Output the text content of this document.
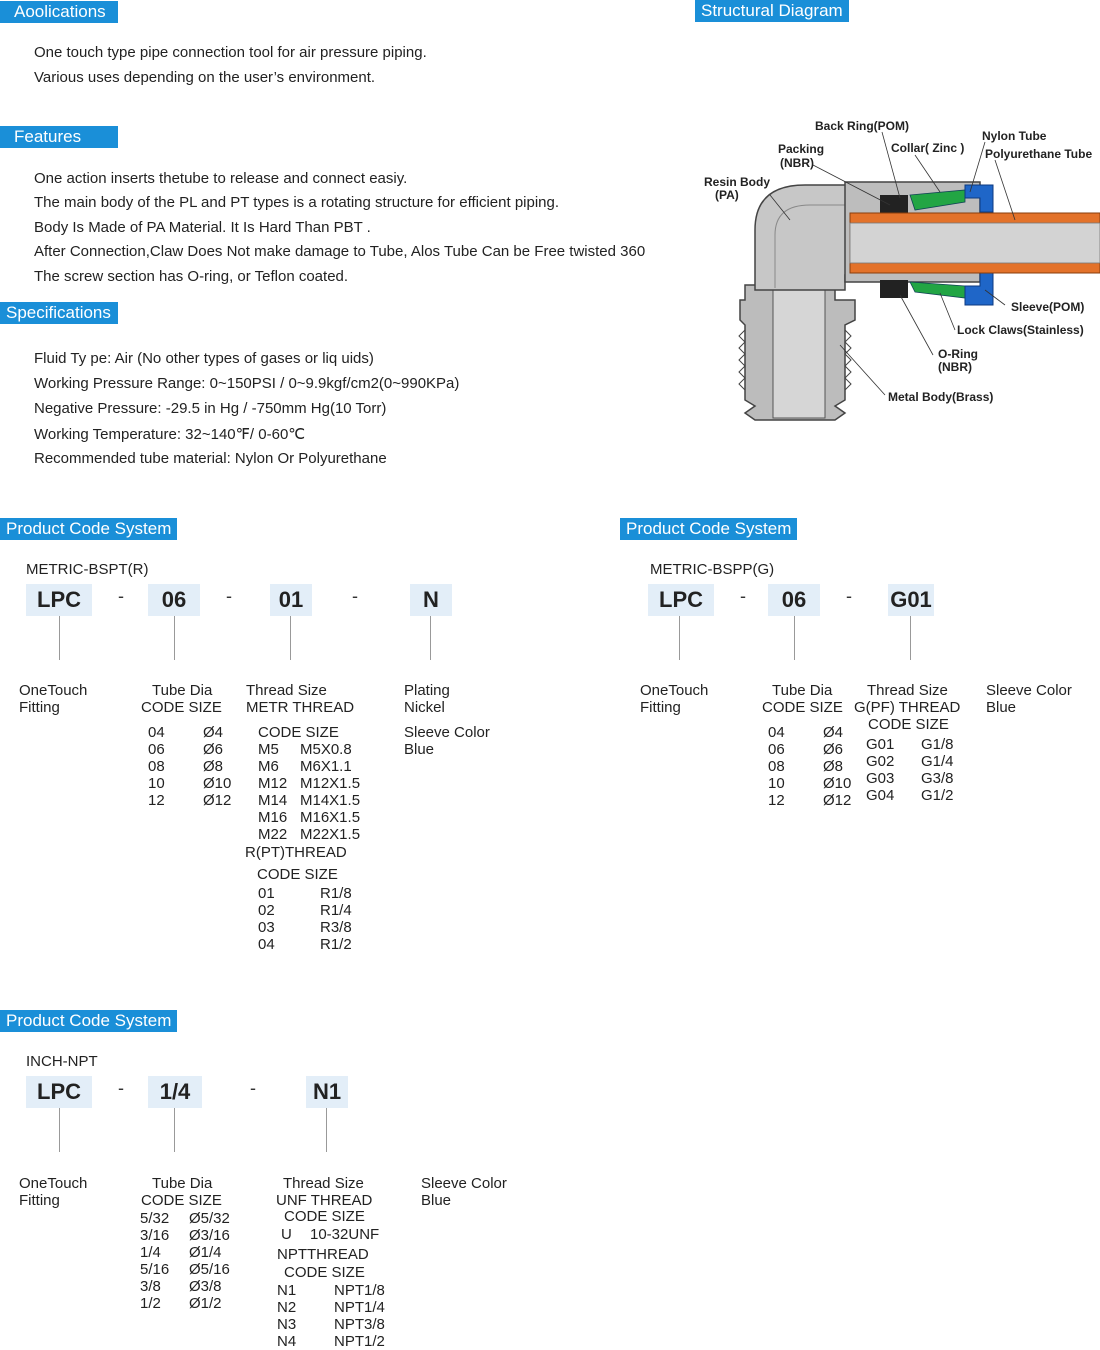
Aoolications
One touch type pipe connection tool for air pressure piping.
Various uses depending on the user’s environment.
Features
One action inserts thetube to release and connect easiy.
The main body of the PL and PT types is a rotating structure for efficient piping.
Body Is Made of PA Material. It Is Hard Than PBT .
After Connection,Claw Does Not make damage to Tube, Alos Tube Can be Free twisted 360
The screw section has O-ring, or Teflon coated.
Specifications
Fluid Ty pe: Air (No other types of gases or liq uids)
Working Pressure Range: 0~150PSI / 0~9.9kgf/cm2(0~990KPa)
Negative Pressure: -29.5 in Hg / -750mm Hg(10 Torr)
Working Temperature: 32~140℉/ 0-60℃
Recommended tube material: Nylon Or Polyurethane
Structural Diagram
Back Ring(POM)
Nylon Tube
Packing
(NBR)
Collar( Zinc ) Polyurethane Tube
Resin Body
(PA)
Sleeve(POM)
Lock Claws(Stainless)
O-Ring
(NBR)
Metal Body(Brass)
Product Code System
METRIC-BSPT(R)
LPC	-	06	-	01	-	N
OneTouch
Fitting
Tube Dia
CODE SIZE
04	Ø4
06	Ø6
08	Ø8
10	Ø10
12	Ø12
Thread Size
METR THREAD
CODE SIZE
M5 M5X0.8
M6 M6X1.1
M12 M12X1.5
M14 M14X1.5
M16 M16X1.5
M22 M22X1.5
R(PT)THREAD
CODE SIZE
01	R1/8
02	R1/4
03	R3/8
04	R1/2
Plating
Nickel
Sleeve Color
Blue
Product Code System
METRIC-BSPP(G)
LPC	-	06	- G01
OneTouch
Fitting
Tube Dia
CODE SIZE
04	Ø4
06	Ø6
08	Ø8
10	Ø10
12	Ø12
Thread Size
G(PF) THREAD
CODE SIZE
G01 G1/8
G02 G1/4
G03 G3/8
G04 G1/2
Sleeve Color
Blue
Product Code System
INCH-NPT
LPC	-	1/4	-	N1
OneTouch
Fitting
Tube Dia
CODE SIZE
5/32 Ø5/32
3/16 Ø3/16
1/4 Ø1/4
5/16 Ø5/16
3/8 Ø3/8
1/2 Ø1/2
Thread Size
UNF THREAD
CODE SIZE
U 10-32UNF
NPTTHREAD
CODE SIZE
N1	NPT1/8
N2	NPT1/4
N3	NPT3/8
N4	NPT1/2
Sleeve Color
Blue
